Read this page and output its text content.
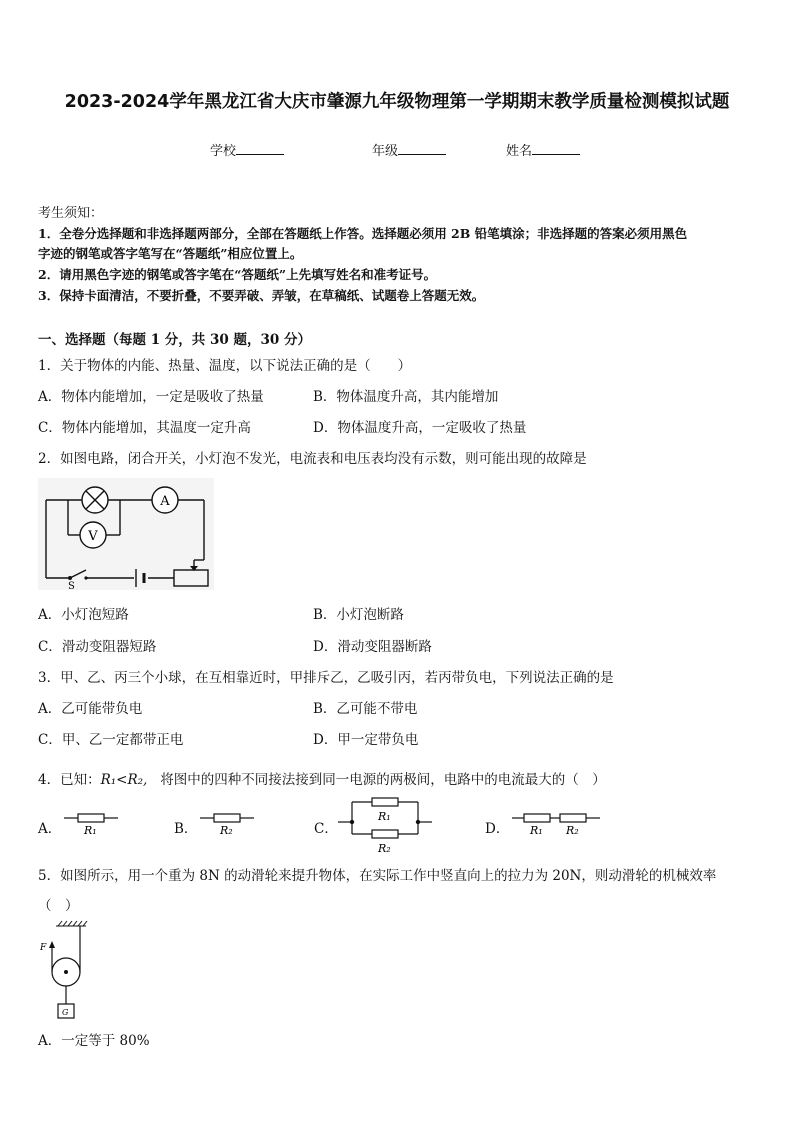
2023-2024学年黑龙江省大庆市肇源九年级物理第一学期期末教学质量检测模拟试题
学校	年级	姓名
考生须知：
1．全卷分选择题和非选择题两部分，全部在答题纸上作答。选择题必须用 2B 铅笔填涂；非选择题的答案必须用黑色
字迹的钢笔或答字笔写在“答题纸”相应位置上。
2．请用黑色字迹的钢笔或答字笔在“答题纸”上先填写姓名和准考证号。
3．保持卡面清洁，不要折叠，不要弄破、弄皱，在草稿纸、试题卷上答题无效。
一、选择题（每题 1 分，共 30 题，30 分）
1．关于物体的内能、热量、温度，以下说法正确的是（　　）
A．物体内能增加，一定是吸收了热量	B．物体温度升高，其内能增加
C．物体内能增加，其温度一定升高	D．物体温度升高，一定吸收了热量
2．如图电路，闭合开关，小灯泡不发光，电流表和电压表均没有示数，则可能出现的故障是
S
A
V
A．小灯泡短路	B．小灯泡断路
C．滑动变阻器短路	D．滑动变阻器断路
3．甲、乙、丙三个小球，在互相靠近时，甲排斥乙，乙吸引丙，若丙带负电，下列说法正确的是
A．乙可能带负电	B．乙可能不带电
C．甲、乙一定都带正电	D．甲一定带负电
4．已知：R₁<R₂, 将图中的四种不同接法接到同一电源的两极间，电路中的电流最大的（　）
A． R₁	B． R₂	C．
R₁
R₂
D． R₁ R₂
5．如图所示，用一个重为 8N 的动滑轮来提升物体，在实际工作中竖直向上的拉力为 20N，则动滑轮的机械效率
（　）
F
G
A．一定等于 80%
